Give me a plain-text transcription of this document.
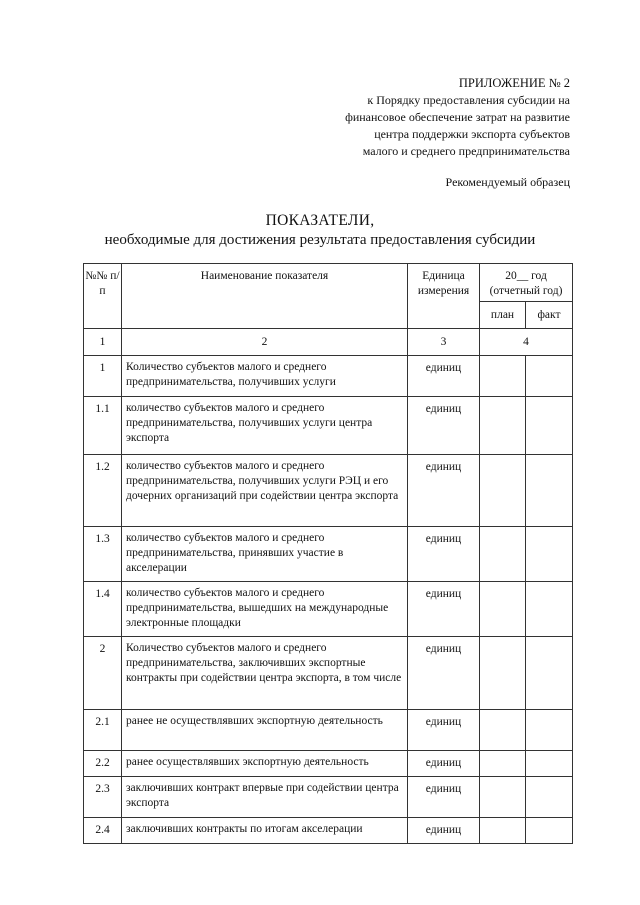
ПРИЛОЖЕНИЕ № 2
к Порядку предоставления субсидии на
финансовое обеспечение затрат на развитие
центра поддержки экспорта субъектов
малого и среднего предпринимательства
Рекомендуемый образец
ПОКАЗАТЕЛИ,
необходимые для достижения результата предоставления субсидии
№№ п/п	Наименование показателя	Единица измерения	20__ год (отчетный год)	
			план	факт
1	2	3	4	
1	Количество субъектов малого и среднего предпринимательства, получивших услуги	единиц		
1.1	количество субъектов малого и среднего предпринимательства, получивших услуги центра экспорта	единиц		
1.2	количество субъектов малого и среднего предпринимательства, получивших услуги РЭЦ и его дочерних организаций при содействии центра экспорта	единиц		
1.3	количество субъектов малого и среднего предпринимательства, принявших участие в акселерации	единиц		
1.4	количество субъектов малого и среднего предпринимательства, вышедших на международные электронные площадки	единиц		
2	Количество субъектов малого и среднего предпринимательства, заключивших экспортные контракты при содействии центра экспорта, в том числе	единиц		
2.1	ранее не осуществлявших экспортную деятельность	единиц		
2.2	ранее осуществлявших экспортную деятельность	единиц		
2.3	заключивших контракт впервые при содействии центра экспорта	единиц		
2.4	заключивших контракты по итогам акселерации	единиц		
